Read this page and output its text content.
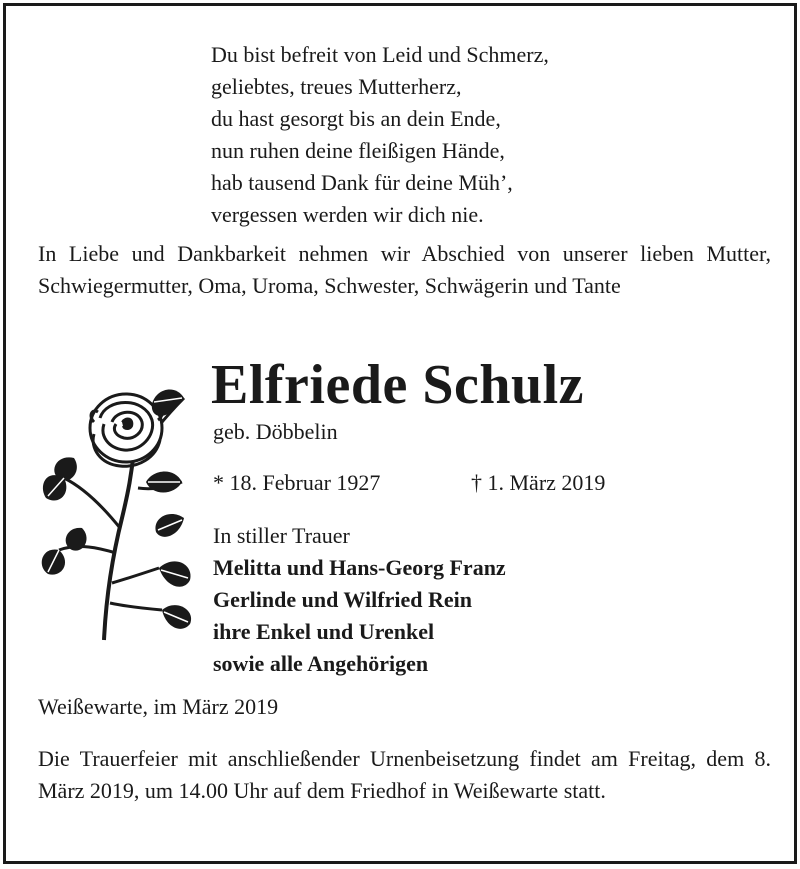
Du bist befreit von Leid und Schmerz,
geliebtes, treues Mutterherz,
du hast gesorgt bis an dein Ende,
nun ruhen deine fleißigen Hände,
hab tausend Dank für deine Müh’,
vergessen werden wir dich nie.
In Liebe und Dankbarkeit nehmen wir Abschied von unserer lieben Mutter, Schwiegermutter, Oma, Uroma, Schwester, Schwägerin und Tante
Elfriede Schulz
geb. Döbbelin
* 18. Februar 1927	† 1. März 2019
In stiller Trauer
Melitta und Hans-Georg Franz
Gerlinde und Wilfried Rein
ihre Enkel und Urenkel
sowie alle Angehörigen
Weißewarte, im März 2019
Die Trauerfeier mit anschließender Urnenbeisetzung findet am Freitag, dem 8. März 2019, um 14.00 Uhr auf dem Friedhof in Weißewarte statt.
